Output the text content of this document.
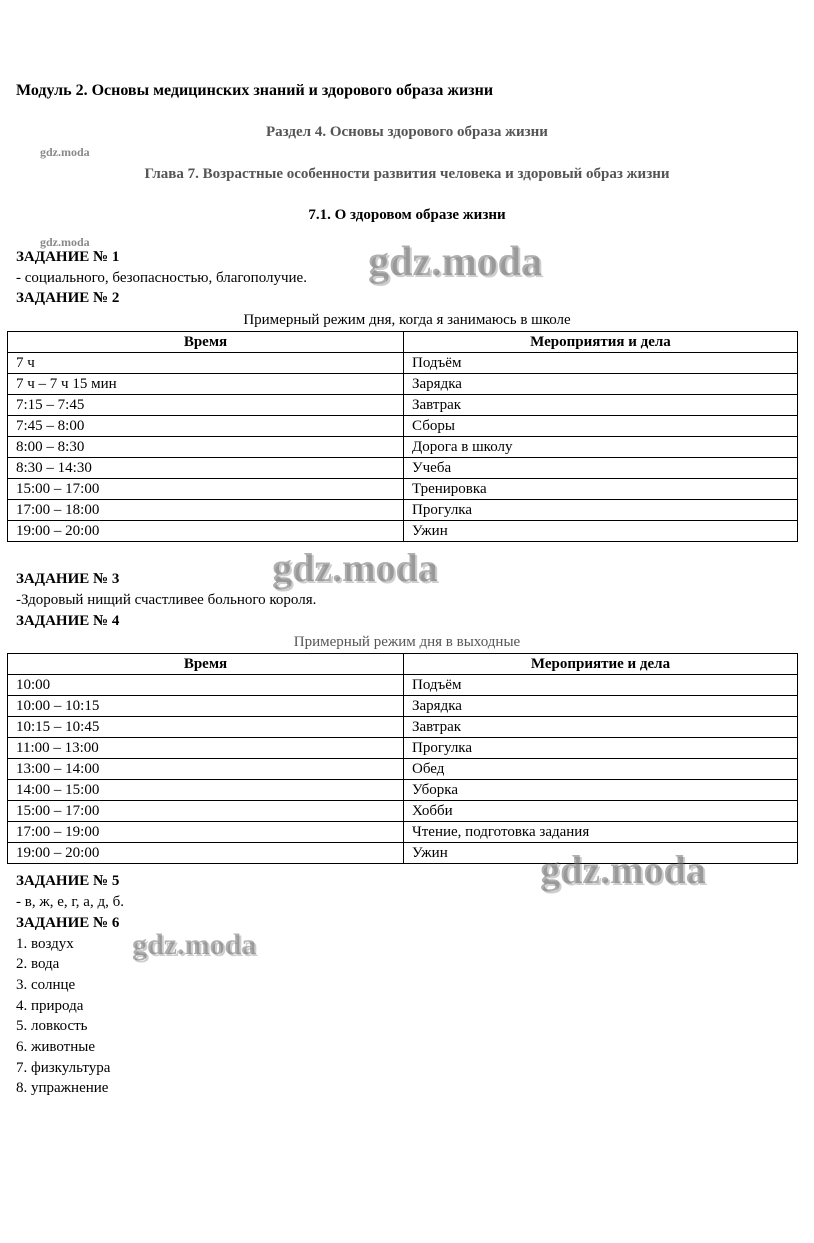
Модуль 2. Основы медицинских знаний и здорового образа жизни
Раздел 4. Основы здорового образа жизни
gdz.moda
Глава 7. Возрастные особенности развития человека и здоровый образ жизни
7.1. О здоровом образе жизни
gdz.moda
ЗАДАНИЕ № 1
- социального, безопасностью, благополучие. gdz.moda
ЗАДАНИЕ № 2
Примерный режим дня, когда я занимаюсь в школе
Время	Мероприятия и дела
7 ч	Подъём
7 ч – 7 ч 15 мин	Зарядка
7:15 – 7:45	Завтрак
7:45 – 8:00	Сборы
8:00 – 8:30	Дорога в школу
8:30 – 14:30	Учеба
15:00 – 17:00	Тренировка
17:00 – 18:00	Прогулка
19:00 – 20:00	Ужин
gdz.moda
ЗАДАНИЕ № 3
-Здоровый нищий счастливее больного короля.
ЗАДАНИЕ № 4
Примерный режим дня в выходные
Время	Мероприятие и дела
10:00	Подъём
10:00 – 10:15	Зарядка
10:15 – 10:45	Завтрак
11:00 – 13:00	Прогулка
13:00 – 14:00	Обед
14:00 – 15:00	Уборка
15:00 – 17:00	Хобби
17:00 – 19:00	Чтение, подготовка задания
19:00 – 20:00	Ужин gdz.moda
ЗАДАНИЕ № 5
- в, ж, е, г, а, д, б.
ЗАДАНИЕ № 6
1. воздух
2. вода
3. солнце
4. природа
5. ловкость
6. животные
7. физкультура
8. упражнение
gdz.moda
